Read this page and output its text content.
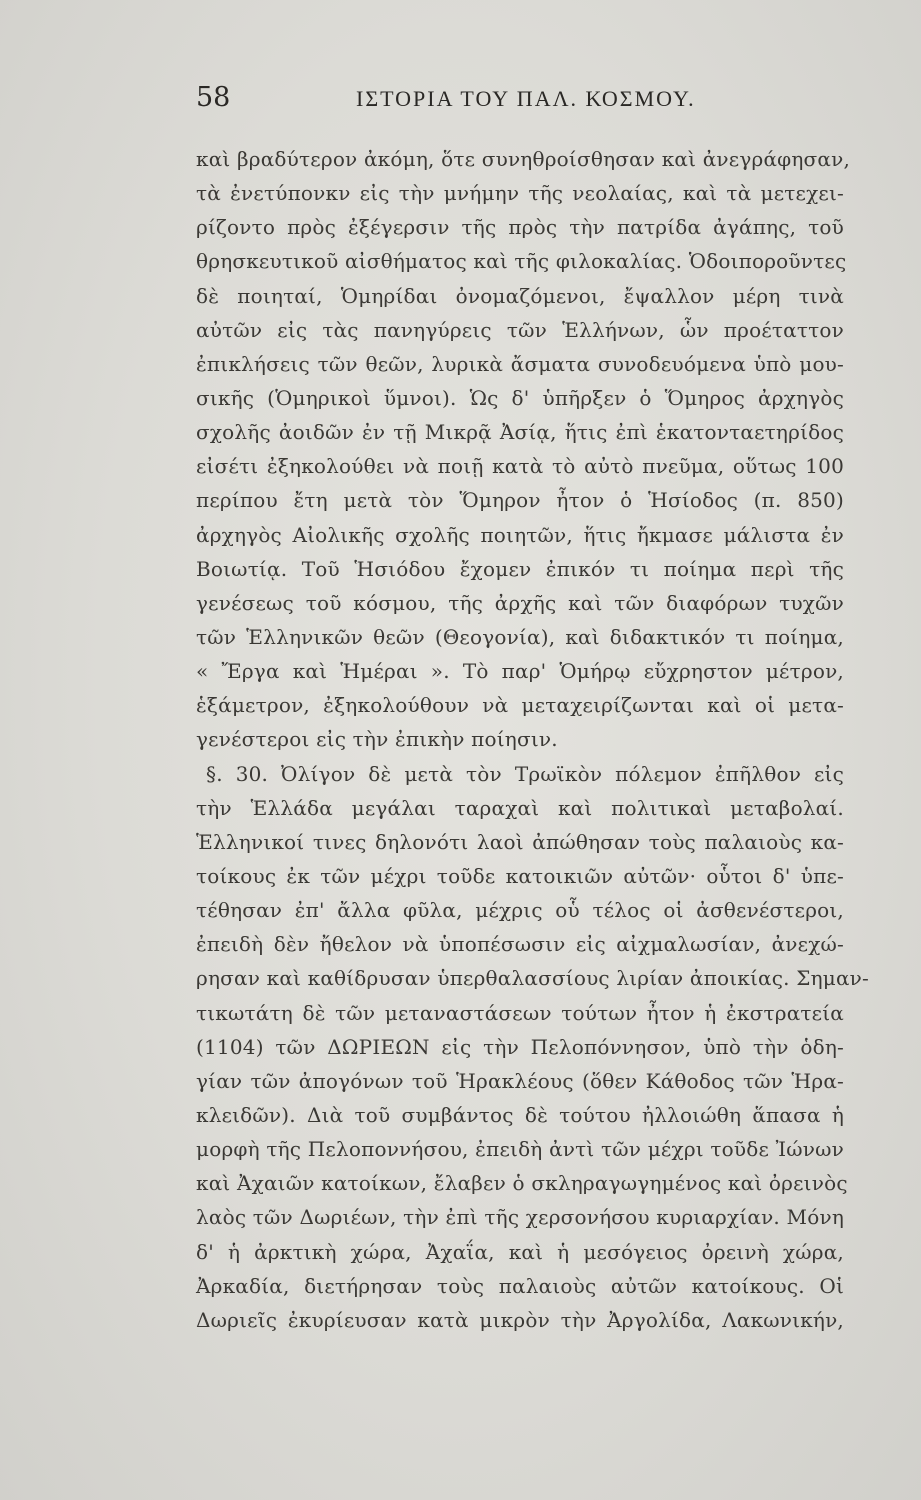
58	ΙΣΤΟΡΙΑ ΤΟΥ ΠΑΛ. ΚΟΣΜΟΥ.
καὶ βραδύτερον ἀκόμη, ὅτε συνηθροίσθησαν καὶ ἀνεγράφησαν,
τὰ ἐνετύπονκν εἰς τὴν μνήμην τῆς νεολαίας, καὶ τὰ μετεχει-
ρίζοντο πρὸς ἐξέγερσιν τῆς πρὸς τὴν πατρίδα ἀγάπης, τοῦ
θρησκευτικοῦ αἰσθήματος καὶ τῆς φιλοκαλίας. Ὁδοιποροῦντες
δὲ ποιηταί, Ὁμηρίδαι ὀνομαζόμενοι, ἔψαλλον μέρη τινὰ
αὐτῶν εἰς τὰς πανηγύρεις τῶν Ἑλλήνων, ὧν προέταττον
ἐπικλήσεις τῶν θεῶν, λυρικὰ ἄσματα συνοδευόμενα ὑπὸ μου-
σικῆς (Ὁμηρικοὶ ὕμνοι). Ὡς δ' ὑπῆρξεν ὁ Ὅμηρος ἀρχηγὸς
σχολῆς ἀοιδῶν ἐν τῇ Μικρᾷ Ἀσίᾳ, ἥτις ἐπὶ ἑκατονταετηρίδος
εἰσέτι ἐξηκολούθει νὰ ποιῇ κατὰ τὸ αὐτὸ πνεῦμα, οὕτως 100
περίπου ἔτη μετὰ τὸν Ὅμηρον ἦτον ὁ Ἡσίοδος (π. 850)
ἀρχηγὸς Αἰολικῆς σχολῆς ποιητῶν, ἥτις ἤκμασε μάλιστα ἐν
Βοιωτίᾳ. Τοῦ Ἡσιόδου ἔχομεν ἐπικόν τι ποίημα περὶ τῆς
γενέσεως τοῦ κόσμου, τῆς ἀρχῆς καὶ τῶν διαφόρων τυχῶν
τῶν Ἑλληνικῶν θεῶν (Θεογονία), καὶ διδακτικόν τι ποίημα,
« Ἔργα καὶ Ἡμέραι ». Τὸ παρ' Ὁμήρῳ εὔχρηστον μέτρον,
ἑξάμετρον, ἐξηκολούθουν νὰ μεταχειρίζωνται καὶ οἱ μετα-
γενέστεροι εἰς τὴν ἐπικὴν ποίησιν.
§. 30. Ὀλίγον δὲ μετὰ τὸν Τρωϊκὸν πόλεμον ἐπῆλθον εἰς
τὴν Ἑλλάδα μεγάλαι ταραχαὶ καὶ πολιτικαὶ μεταβολαί.
Ἑλληνικοί τινες δηλονότι λαοὶ ἀπώθησαν τοὺς παλαιοὺς κα-
τοίκους ἐκ τῶν μέχρι τοῦδε κατοικιῶν αὐτῶν· οὗτοι δ' ὑπε-
τέθησαν ἐπ' ἄλλα φῦλα, μέχρις οὗ τέλος οἱ ἀσθενέστεροι,
ἐπειδὴ δὲν ἤθελον νὰ ὑποπέσωσιν εἰς αἰχμαλωσίαν, ἀνεχώ-
ρησαν καὶ καθίδρυσαν ὑπερθαλασσίους λιρίαν ἀποικίας. Σημαν-
τικωτάτη δὲ τῶν μεταναστάσεων τούτων ἦτον ἡ ἐκστρατεία
(1104) τῶν ΔΩΡΙΕΩΝ εἰς τὴν Πελοπόννησον, ὑπὸ τὴν ὁδη-
γίαν τῶν ἀπογόνων τοῦ Ἡρακλέους (ὅθεν Κάθοδος τῶν Ἡρα-
κλειδῶν). Διὰ τοῦ συμβάντος δὲ τούτου ἠλλοιώθη ἅπασα ἡ
μορφὴ τῆς Πελοποννήσου, ἐπειδὴ ἀντὶ τῶν μέχρι τοῦδε Ἰώνων
καὶ Ἀχαιῶν κατοίκων, ἔλαβεν ὁ σκληραγωγημένος καὶ ὀρεινὸς
λαὸς τῶν Δωριέων, τὴν ἐπὶ τῆς χερσονήσου κυριαρχίαν. Μόνη
δ' ἡ ἀρκτικὴ χώρα, Ἀχαΐα, καὶ ἡ μεσόγειος ὀρεινὴ χώρα,
Ἀρκαδία, διετήρησαν τοὺς παλαιοὺς αὐτῶν κατοίκους. Οἱ
Δωριεῖς ἐκυρίευσαν κατὰ μικρὸν τὴν Ἀργολίδα, Λακωνικήν,
